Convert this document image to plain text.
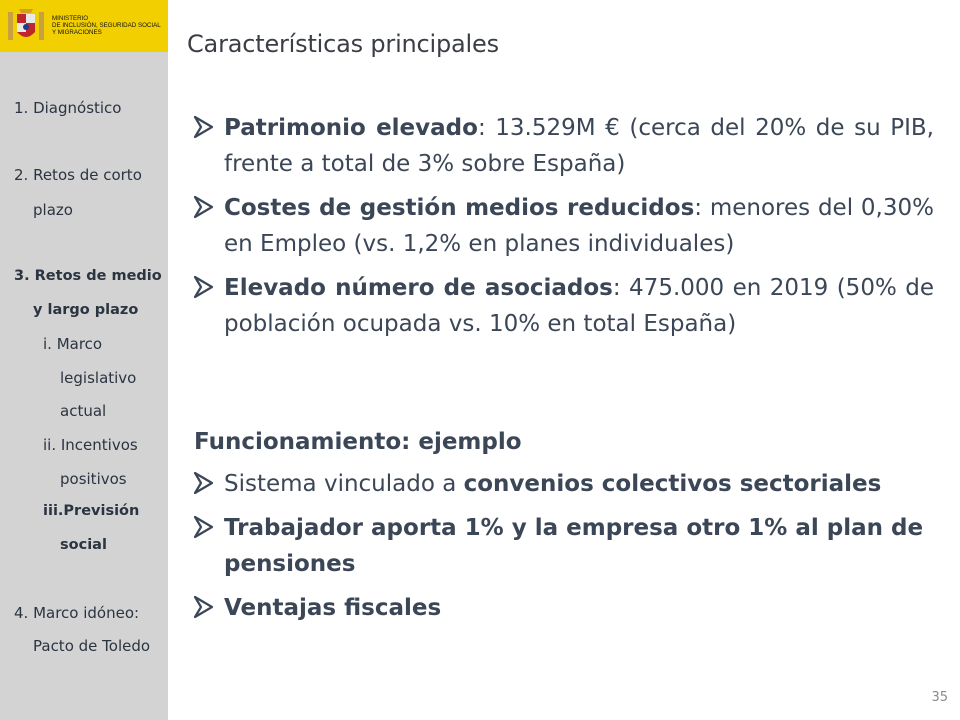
MINISTERIO
DE INCLUSIÓN, SEGURIDAD SOCIAL
Y MIGRACIONES
1. Diagnóstico
2. Retos de corto
plazo
3. Retos de medio
y largo plazo
i. Marco
legislativo
actual
ii. Incentivos
positivos
iii.Previsión
social
4. Marco idóneo:
Pacto de Toledo
Características principales
Patrimonio elevado: 13.529M € (cerca del 20% de su PIB, frente a total de 3% sobre España)
Costes de gestión medios reducidos: menores del 0,30% en Empleo (vs. 1,2% en planes individuales)
Elevado número de asociados: 475.000 en 2019 (50% de población ocupada vs. 10% en total España)
Funcionamiento: ejemplo
Sistema vinculado a convenios colectivos sectoriales
Trabajador aporta 1% y la empresa otro 1% al plan de pensiones
Ventajas fiscales
35
